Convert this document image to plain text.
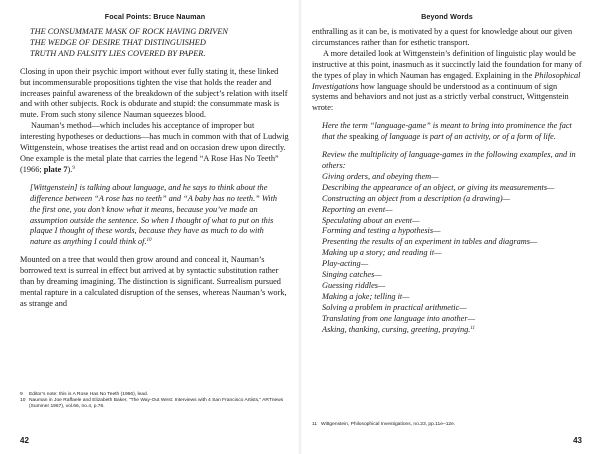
Focal Points: Bruce Nauman
THE CONSUMMATE MASK OF ROCK HAVING DRIVEN
THE WEDGE OF DESIRE THAT DISTINGUISHED
TRUTH AND FALSITY LIES COVERED BY PAPER.

Closing in upon their psychic import without ever fully stating it, these linked but incommensurable propositions tighten the vise that holds the reader and increases painful awareness of the breakdown of the subject’s relation with itself and with other subjects. Rock is obdurate and stupid: the consummate mask is mute. From such stony silence Nauman squeezes blood.

Nauman’s method—which includes his acceptance of improper but interesting hypotheses or deductions—has much in common with that of Ludwig Wittgenstein, whose treatises the artist read and on occasion drew upon directly. One example is the metal plate that carries the legend “A Rose Has No Teeth” (1966; plate 7).$^9$

[Wittgenstein] is talking about language, and he says to think about the difference between “A rose has no teeth” and “A baby has no teeth.” With the first one, you don’t know what it means, because you’ve made an assumption outside the sentence. So when I thought of what to put on this plaque I thought of these words, because they have as much to do with nature as anything I could think of.$^{10}$

Mounted on a tree that would then grow around and conceal it, Nauman’s borrowed text is surreal in effect but arrived at by syntactic substitution rather than by dreaming imagining. The distinction is significant. Surrealism pursued mental rapture in a calculated disruption of the senses, whereas Nauman’s work, as strange and

9	Editor’s note: this is A Rose Has No Teeth (1966), lead.
10 Nauman in Joe Raffaele and Elizabeth Baker, “The Way-Out West: Interviews with 4 San Francisco Artists,” ARTnews (Summer 1967), vol.66, no.4, p.76.
42
Beyond Words

enthralling as it can be, is motivated by a quest for knowledge about our given circumstances rather than for esthetic transport.

A more detailed look at Wittgenstein’s definition of linguistic play would be instructive at this point, inasmuch as it succinctly laid the foundation for many of the types of play in which Nauman has engaged. Explaining in the Philosophical Investigations how language should be understood as a continuum of sign systems and behaviors and not just as a strictly verbal construct, Wittgenstein wrote:

Here the term “language-game” is meant to bring into prominence the fact that the speaking of language is part of an activity, or of a form of life.

Review the multiplicity of language-games in the following examples, and in others:
Giving orders, and obeying them—
Describing the appearance of an object, or giving its measurements—
Constructing an object from a description (a drawing)—
Reporting an event—
Speculating about an event—
Forming and testing a hypothesis—
Presenting the results of an experiment in tables and diagrams—
Making up a story; and reading it—
Play-acting—
Singing catches—
Guessing riddles—
Making a joke; telling it—
Solving a problem in practical arithmetic—
Translating from one language into another—
Asking, thanking, cursing, greeting, praying.$^{11}$
11 Wittgenstein, Philosophical Investigations, no.23, pp.11e–12e.
43
